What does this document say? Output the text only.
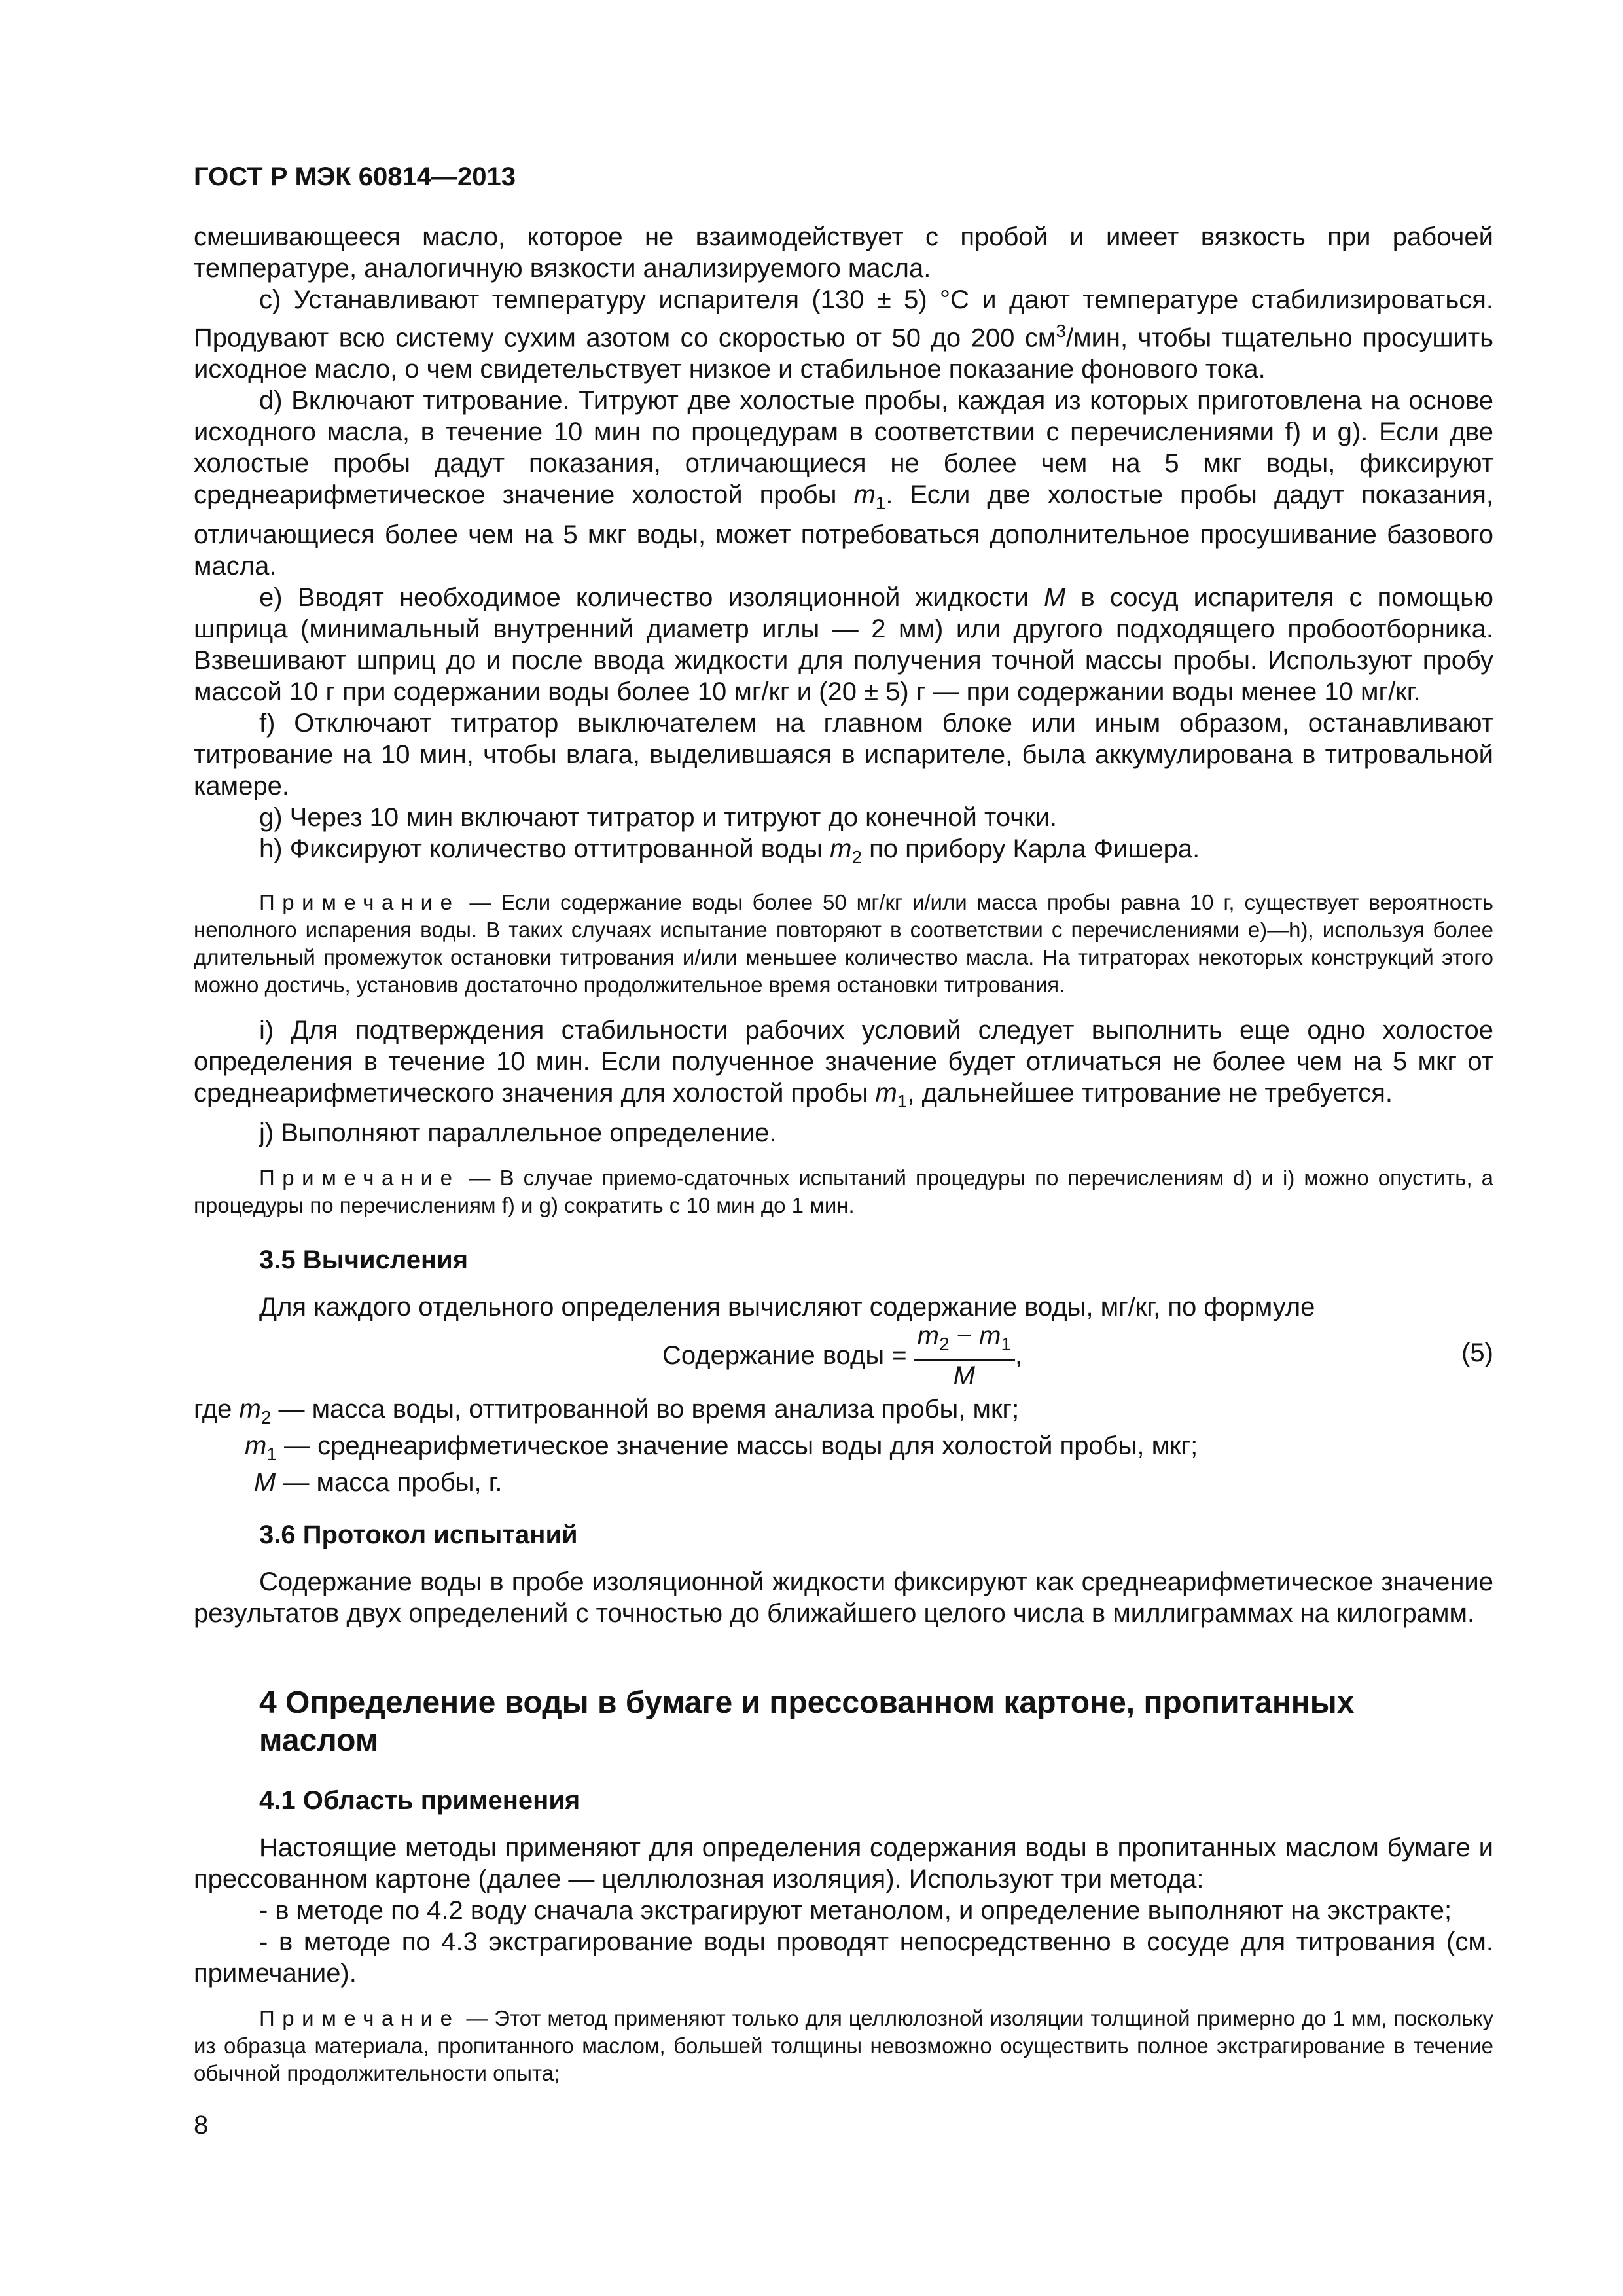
ГОСТ Р МЭК 60814—2013

смешивающееся масло, которое не взаимодействует с пробой и имеет вязкость при рабочей температуре, аналогичную вязкости анализируемого масла.

c) Устанавливают температуру испарителя (130 ± 5) °С и дают температуре стабилизироваться. Продувают всю систему сухим азотом со скоростью от 50 до 200 $см^3$/мин, чтобы тщательно просушить исходное масло, о чем свидетельствует низкое и стабильное показание фонового тока.

d) Включают титрование. Титруют две холостые пробы, каждая из которых приготовлена на основе исходного масла, в течение 10 мин по процедурам в соответствии с перечислениями f) и g). Если две холостые пробы дадут показания, отличающиеся не более чем на 5 мкг воды, фиксируют среднеарифметическое значение холостой пробы $m_1$. Если две холостые пробы дадут показания, отличающиеся более чем на 5 мкг воды, может потребоваться дополнительное просушивание базового масла.

e) Вводят необходимое количество изоляционной жидкости M в сосуд испарителя с помощью шприца (минимальный внутренний диаметр иглы — 2 мм) или другого подходящего пробоотборника. Взвешивают шприц до и после ввода жидкости для получения точной массы пробы. Используют пробу массой 10 г при содержании воды более 10 мг/кг и (20 ± 5) г — при содержании воды менее 10 мг/кг.

f) Отключают титратор выключателем на главном блоке или иным образом, останавливают титрование на 10 мин, чтобы влага, выделившаяся в испарителе, была аккумулирована в титровальной камере.

g) Через 10 мин включают титратор и титруют до конечной точки.

h) Фиксируют количество оттитрованной воды $m_2$ по прибору Карла Фишера.

Примечание — Если содержание воды более 50 мг/кг и/или масса пробы равна 10 г, существует вероятность неполного испарения воды. В таких случаях испытание повторяют в соответствии с перечислениями e)—h), используя более длительный промежуток остановки титрования и/или меньшее количество масла. На титраторах некоторых конструкций этого можно достичь, установив достаточно продолжительное время остановки титрования.

i) Для подтверждения стабильности рабочих условий следует выполнить еще одно холостое определения в течение 10 мин. Если полученное значение будет отличаться не более чем на 5 мкг от среднеарифметического значения для холостой пробы $m_1$, дальнейшее титрование не требуется.

j) Выполняют параллельное определение.

Примечание — В случае приемо-сдаточных испытаний процедуры по перечислениям d) и i) можно опустить, а процедуры по перечислениям f) и g) сократить с 10 мин до 1 мин.

3.5 Вычисления

Для каждого отдельного определения вычисляют содержание воды, мг/кг, по формуле

Содержание воды = $\frac{m_2 - m_1}{M}$ ,	(5)
где $m_2$ — масса воды, оттитрованной во время анализа пробы, мкг;
$m_1$ — среднеарифметическое значение массы воды для холостой пробы, мкг;
M — масса пробы, г.

3.6 Протокол испытаний

Содержание воды в пробе изоляционной жидкости фиксируют как среднеарифметическое значение результатов двух определений с точностью до ближайшего целого числа в миллиграммах на килограмм.

4 Определение воды в бумаге и прессованном картоне, пропитанных маслом

4.1 Область применения

Настоящие методы применяют для определения содержания воды в пропитанных маслом бумаге и прессованном картоне (далее — целлюлозная изоляция). Используют три метода:

- в методе по 4.2 воду сначала экстрагируют метанолом, и определение выполняют на экстракте;

- в методе по 4.3 экстрагирование воды проводят непосредственно в сосуде для титрования (см. примечание).

Примечание — Этот метод применяют только для целлюлозной изоляции толщиной примерно до 1 мм, поскольку из образца материала, пропитанного маслом, большей толщины невозможно осуществить полное экстрагирование в течение обычной продолжительности опыта;

8
